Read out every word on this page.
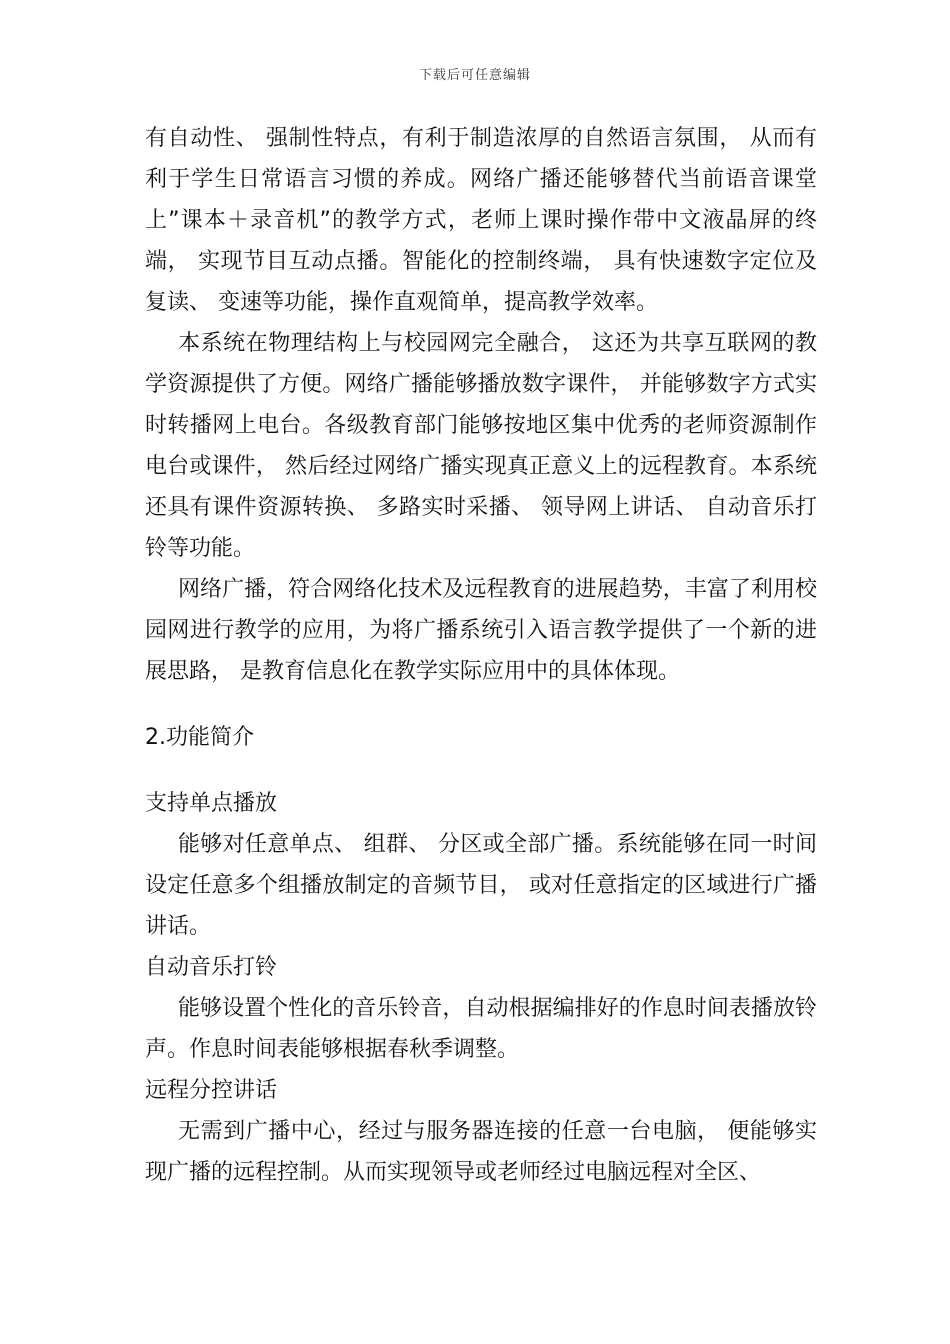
下载后可任意编辑

有自动性、 强制性特点，有利于制造浓厚的自然语言氛围， 从而有利于学生日常语言习惯的养成。网络广播还能够替代当前语音课堂上”课本＋录音机”的教学方式，老师上课时操作带中文液晶屏的终端， 实现节目互动点播。智能化的控制终端， 具有快速数字定位及复读、 变速等功能，操作直观简单，提高教学效率。

本系统在物理结构上与校园网完全融合， 这还为共享互联网的教学资源提供了方便。网络广播能够播放数字课件， 并能够数字方式实时转播网上电台。各级教育部门能够按地区集中优秀的老师资源制作电台或课件， 然后经过网络广播实现真正意义上的远程教育。本系统还具有课件资源转换、 多路实时采播、 领导网上讲话、 自动音乐打铃等功能。

网络广播，符合网络化技术及远程教育的进展趋势，丰富了利用校园网进行教学的应用，为将广播系统引入语言教学提供了一个新的进展思路， 是教育信息化在教学实际应用中的具体体现。

2.功能简介
支持单点播放

能够对任意单点、 组群、 分区或全部广播。系统能够在同一时间设定任意多个组播放制定的音频节目， 或对任意指定的区域进行广播讲话。

自动音乐打铃

能够设置个性化的音乐铃音，自动根据编排好的作息时间表播放铃声。作息时间表能够根据春秋季调整。

远程分控讲话

无需到广播中心，经过与服务器连接的任意一台电脑， 便能够实现广播的远程控制。从而实现领导或老师经过电脑远程对全区、
